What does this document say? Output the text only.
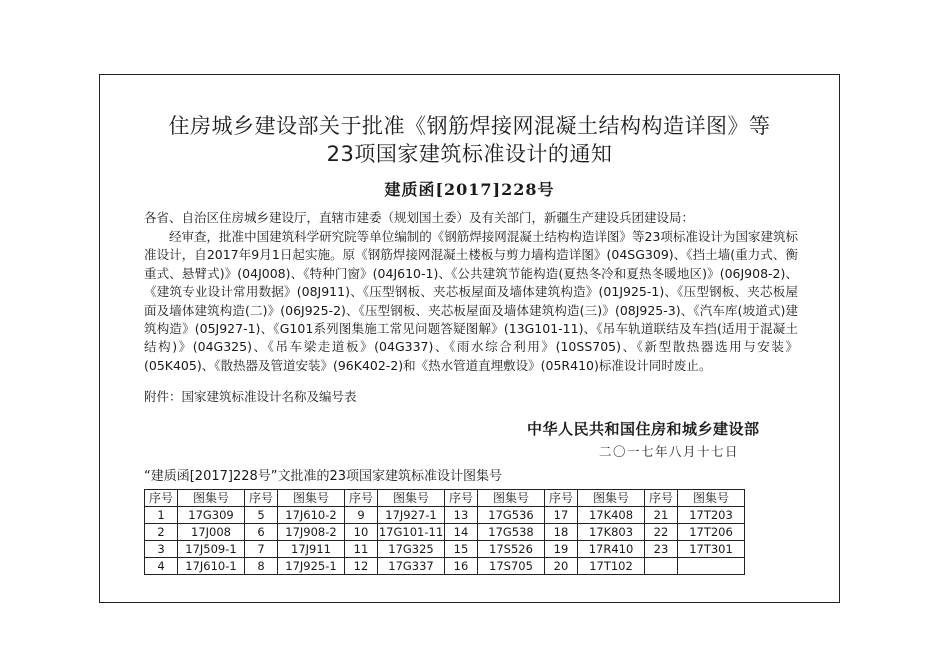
住房城乡建设部关于批准《钢筋焊接网混凝土结构构造详图》等
23项国家建筑标准设计的通知
建质函[2017]228号
各省、自治区住房城乡建设厅，直辖市建委（规划国土委）及有关部门，新疆生产建设兵团建设局：
经审查，批准中国建筑科学研究院等单位编制的《钢筋焊接网混凝土结构构造详图》等23项标准设计为国家建筑标准设计，自2017年9月1日起实施。原《钢筋焊接网混凝土楼板与剪力墙构造详图》(04SG309)、《挡土墙(重力式、衡重式、悬臂式)》(04J008)、《特种门窗》(04J610-1)、《公共建筑节能构造(夏热冬冷和夏热冬暖地区)》(06J908-2)、《建筑专业设计常用数据》(08J911)、《压型钢板、夹芯板屋面及墙体建筑构造》(01J925-1)、《压型钢板、夹芯板屋面及墙体建筑构造(二)》(06J925-2)、《压型钢板、夹芯板屋面及墙体建筑构造(三)》(08J925-3)、《汽车库(坡道式)建筑构造》(05J927-1)、《G101系列图集施工常见问题答疑图解》(13G101-11)、《吊车轨道联结及车挡(适用于混凝土结构)》(04G325)、《吊车梁走道板》(04G337)、《雨水综合利用》(10SS705)、《新型散热器选用与安装》(05K405)、《散热器及管道安装》(96K402-2)和《热水管道直埋敷设》(05R410)标准设计同时废止。
附件：国家建筑标准设计名称及编号表
中华人民共和国住房和城乡建设部
二〇一七年八月十七日
“建质函[2017]228号”文批准的23项国家建筑标准设计图集号
序号	图集号	序号	图集号	序号	图集号	序号	图集号	序号	图集号	序号	图集号
1	17G309	5	17J610-2	9	17J927-1	13	17G536	17	17K408	21	17T203
2	17J008	6	17J908-2	10	17G101-11	14	17G538	18	17K803	22	17T206
3	17J509-1	7	17J911	11	17G325	15	17S526	19	17R410	23	17T301
4	17J610-1	8	17J925-1	12	17G337	16	17S705	20	17T102		
